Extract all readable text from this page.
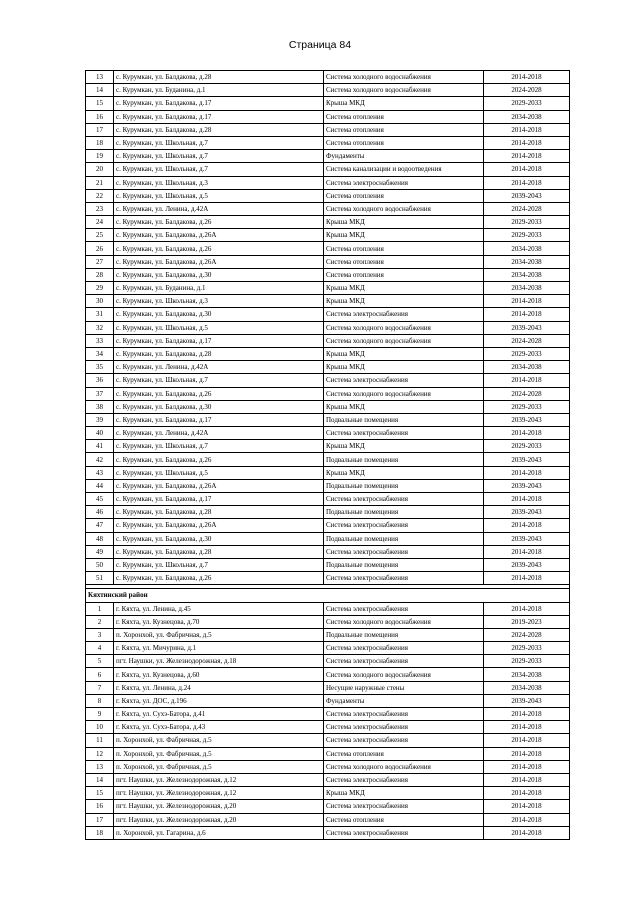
Страница 84
13	с. Курумкан, ул. Балдакова, д.28	Система холодного водоснабжения	2014-2018
14	с. Курумкан, ул. Буданина, д.1	Система холодного водоснабжения	2024-2028
15	с. Курумкан, ул. Балдакова, д.17	Крыша МКД	2029-2033
16	с. Курумкан, ул. Балдакова, д.17	Система отопления	2034-2038
17	с. Курумкан, ул. Балдакова, д.28	Система отопления	2014-2018
18	с. Курумкан, ул. Школьная, д.7	Система отопления	2014-2018
19	с. Курумкан, ул. Школьная, д.7	Фундаменты	2014-2018
20	с. Курумкан, ул. Школьная, д.7	Система канализации и водоотведения	2014-2018
21	с. Курумкан, ул. Школьная, д.3	Система электроснабжения	2014-2018
22	с. Курумкан, ул. Школьная, д.5	Система отопления	2039-2043
23	с. Курумкан, ул. Ленина, д.42А	Система холодного водоснабжения	2024-2028
24	с. Курумкан, ул. Балдакова, д.26	Крыша МКД	2029-2033
25	с. Курумкан, ул. Балдакова, д.26А	Крыша МКД	2029-2033
26	с. Курумкан, ул. Балдакова, д.26	Система отопления	2034-2038
27	с. Курумкан, ул. Балдакова, д.26А	Система отопления	2034-2038
28	с. Курумкан, ул. Балдакова, д.30	Система отопления	2034-2038
29	с. Курумкан, ул. Буданина, д.1	Крыша МКД	2034-2038
30	с. Курумкан, ул. Школьная, д.3	Крыша МКД	2014-2018
31	с. Курумкан, ул. Балдакова, д.30	Система электроснабжения	2014-2018
32	с. Курумкан, ул. Школьная, д.5	Система холодного водоснабжения	2039-2043
33	с. Курумкан, ул. Балдакова, д.17	Система холодного водоснабжения	2024-2028
34	с. Курумкан, ул. Балдакова, д.28	Крыша МКД	2029-2033
35	с. Курумкан, ул. Ленина, д.42А	Крыша МКД	2034-2038
36	с. Курумкан, ул. Школьная, д.7	Система электроснабжения	2014-2018
37	с. Курумкан, ул. Балдакова, д.26	Система холодного водоснабжения	2024-2028
38	с. Курумкан, ул. Балдакова, д.30	Крыша МКД	2029-2033
39	с. Курумкан, ул. Балдакова, д.17	Подвальные помещения	2039-2043
40	с. Курумкан, ул. Ленина, д.42А	Система электроснабжения	2014-2018
41	с. Курумкан, ул. Школьная, д.7	Крыша МКД	2029-2033
42	с. Курумкан, ул. Балдакова, д.26	Подвальные помещения	2039-2043
43	с. Курумкан, ул. Школьная, д.5	Крыша МКД	2014-2018
44	с. Курумкан, ул. Балдакова, д.26А	Подвальные помещения	2039-2043
45	с. Курумкан, ул. Балдакова, д.17	Система электроснабжения	2014-2018
46	с. Курумкан, ул. Балдакова, д.28	Подвальные помещения	2039-2043
47	с. Курумкан, ул. Балдакова, д.26А	Система электроснабжения	2014-2018
48	с. Курумкан, ул. Балдакова, д.30	Подвальные помещения	2039-2043
49	с. Курумкан, ул. Балдакова, д.28	Система электроснабжения	2014-2018
50	с. Курумкан, ул. Школьная, д.7	Подвальные помещения	2039-2043
51	с. Курумкан, ул. Балдакова, д.26	Система электроснабжения	2014-2018

Кяхтинский район			
1	г. Кяхта, ул. Ленина, д.45	Система электроснабжения	2014-2018
2	г. Кяхта, ул. Кузнецова, д.70	Система холодного водоснабжения	2019-2023
3	п. Хоронхой, ул. Фабричная, д.5	Подвальные помещения	2024-2028
4	г. Кяхта, ул. Мичурина, д.1	Система электроснабжения	2029-2033
5	пгт. Наушки, ул. Железнодорожная, д.18	Система электроснабжения	2029-2033
6	г. Кяхта, ул. Кузнецова, д.60	Система холодного водоснабжения	2034-2038
7	г. Кяхта, ул. Ленина, д.24	Несущие наружные стены	2034-2038
8	г. Кяхта, ул. ДОС, д.196	Фундаменты	2039-2043
9	г. Кяхта, ул. Сухэ-Батора, д.41	Система электроснабжения	2014-2018
10	г. Кяхта, ул. Сухэ-Батора, д.43	Система электроснабжения	2014-2018
11	п. Хоронхой, ул. Фабричная, д.5	Система электроснабжения	2014-2018
12	п. Хоронхой, ул. Фабричная, д.5	Система отопления	2014-2018
13	п. Хоронхой, ул. Фабричная, д.5	Система холодного водоснабжения	2014-2018
14	пгт. Наушки, ул. Железнодорожная, д.12	Система электроснабжения	2014-2018
15	пгт. Наушки, ул. Железнодорожная, д.12	Крыша МКД	2014-2018
16	пгт. Наушки, ул. Железнодорожная, д.20	Система электроснабжения	2014-2018
17	пгт. Наушки, ул. Железнодорожная, д.20	Система отопления	2014-2018
18	п. Хоронхой, ул. Гагарина, д.6	Система электроснабжения	2014-2018
